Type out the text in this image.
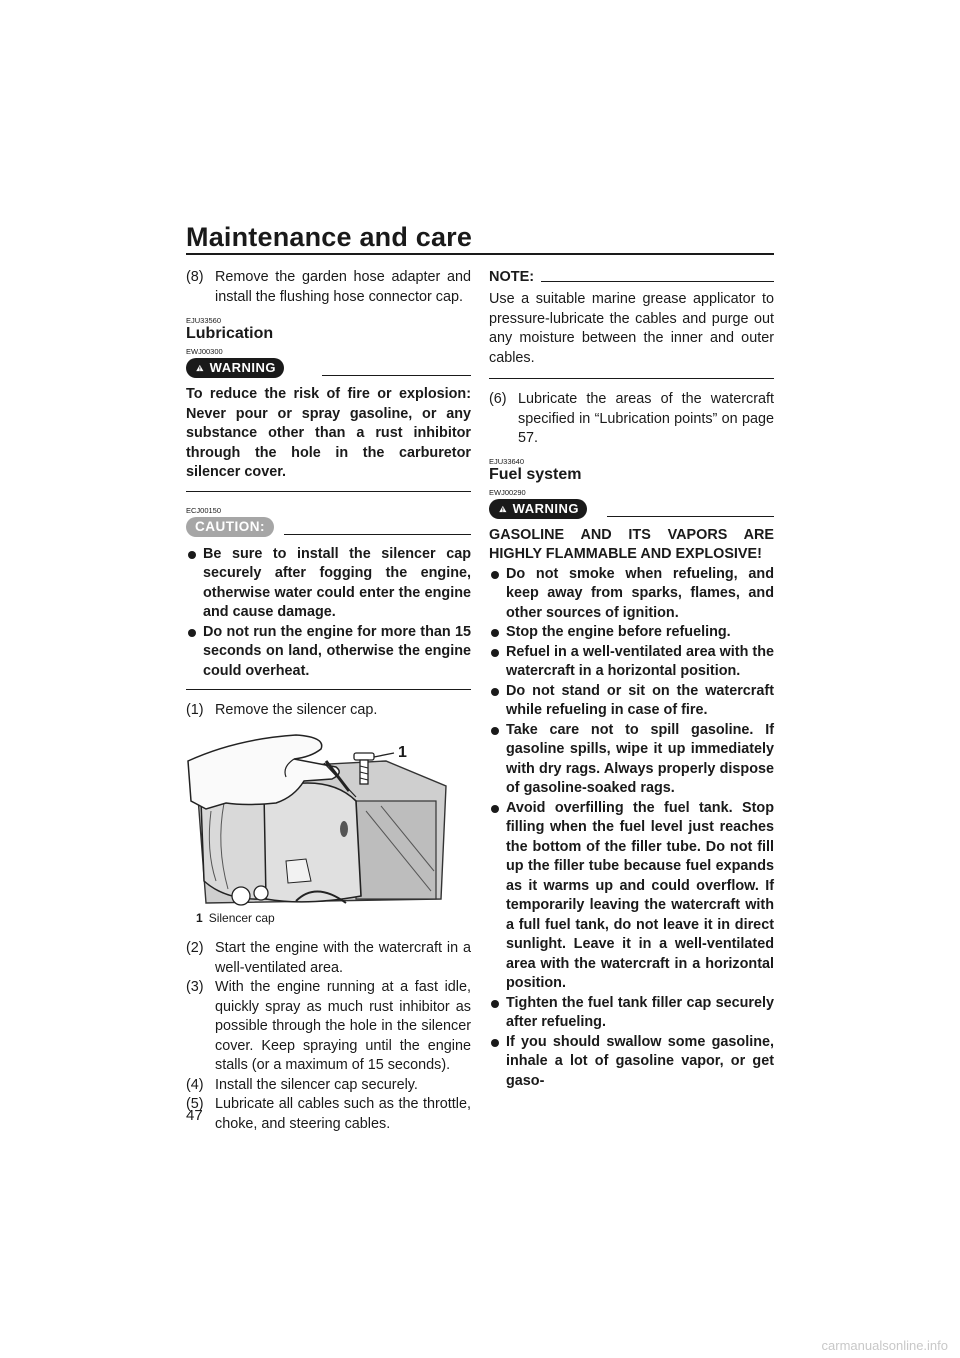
Maintenance and care

(8) Remove the garden hose adapter and install the flushing hose connector cap.

EJU33560

Lubrication

EWJ00300

WARNING

To reduce the risk of fire or explosion: Never pour or spray gasoline, or any substance other than a rust inhibitor through the hole in the carburetor silencer cover.

ECJ00150

CAUTION:
Be sure to install the silencer cap securely after fogging the engine, otherwise water could enter the engine and cause damage.
Do not run the engine for more than 15 seconds on land, otherwise the engine could overheat.

(1) Remove the silencer cap.

1

1 Silencer cap

(2) Start the engine with the watercraft in a well-ventilated area.

(3) With the engine running at a fast idle, quickly spray as much rust inhibitor as possible through the hole in the silencer cover. Keep spraying until the engine stalls (or a maximum of 15 seconds).

(4) Install the silencer cap securely.

(5) Lubricate all cables such as the throttle, choke, and steering cables.

NOTE:

Use a suitable marine grease applicator to pressure-lubricate the cables and purge out any moisture between the inner and outer cables.

(6) Lubricate the areas of the watercraft specified in “Lubrication points” on page 57.

EJU33640

Fuel system

EWJ00290

WARNING

GASOLINE AND ITS VAPORS ARE HIGHLY FLAMMABLE AND EXPLOSIVE!

Do not smoke when refueling, and keep away from sparks, flames, and other sources of ignition.
Stop the engine before refueling.
Refuel in a well-ventilated area with the watercraft in a horizontal position.
Do not stand or sit on the watercraft while refueling in case of fire.
Take care not to spill gasoline. If gasoline spills, wipe it up immediately with dry rags. Always properly dispose of gasoline-soaked rags.
Avoid overfilling the fuel tank. Stop filling when the fuel level just reaches the bottom of the filler tube. Do not fill up the filler tube because fuel expands as it warms up and could overflow. If temporarily leaving the watercraft with a full fuel tank, do not leave it in direct sunlight. Leave it in a well-ventilated area with the watercraft in a horizontal position.
Tighten the fuel tank filler cap securely after refueling.
If you should swallow some gasoline, inhale a lot of gasoline vapor, or get gaso-
47
carmanualsonline.info
